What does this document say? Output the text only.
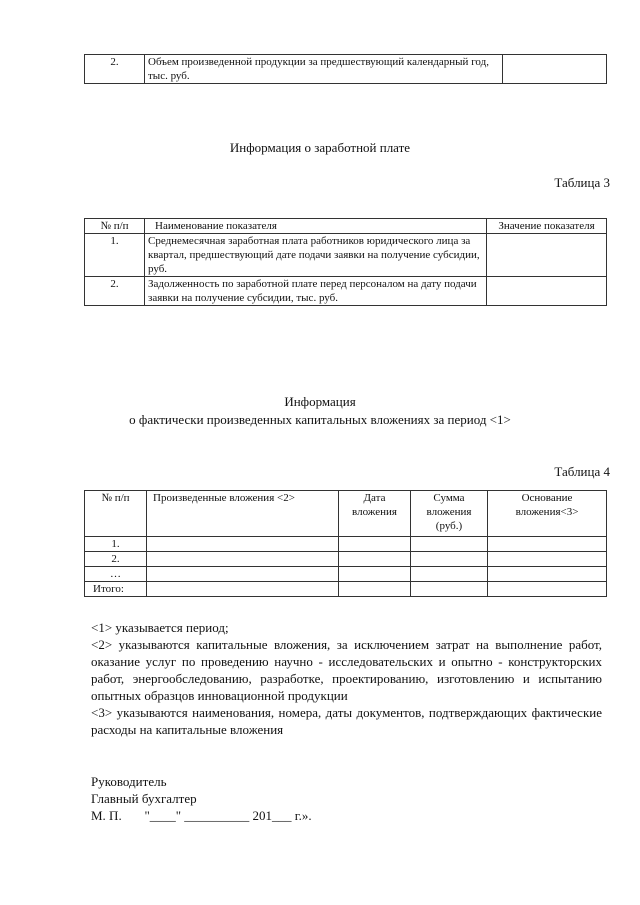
2.	Объем произведенной продукции за предшествующий календарный год, тыс. руб.	
Информация о заработной плате
Таблица 3
№ п/п	Наименование показателя	Значение показателя
1.	Среднемесячная заработная плата работников юридического лица за квартал, предшествующий дате подачи заявки на получение субсидии, руб.	
2.	Задолженность по заработной плате перед персоналом на дату подачи заявки на получение субсидии, тыс. руб.	
Информация
о фактически произведенных капитальных вложениях за период <1>
Таблица 4
№ п/п	Произведенные вложения <2>	Дата вложения	Сумма вложения (руб.)	Основание вложения<3>
1.				
2.				
…				
Итого:				

<1> указывается период;

<2> указываются капитальные вложения, за исключением затрат на выполнение работ, оказание услуг по проведению научно - исследовательских и опытно - конструкторских работ, энергообследованию, разработке, проектированию, изготовлению и испытанию опытных образцов инновационной продукции

<3> указываются наименования, номера, даты документов, подтверждающих фактические расходы на капитальные вложения

Руководитель
Главный бухгалтер
М. П.       "____" __________ 201___ г.».
